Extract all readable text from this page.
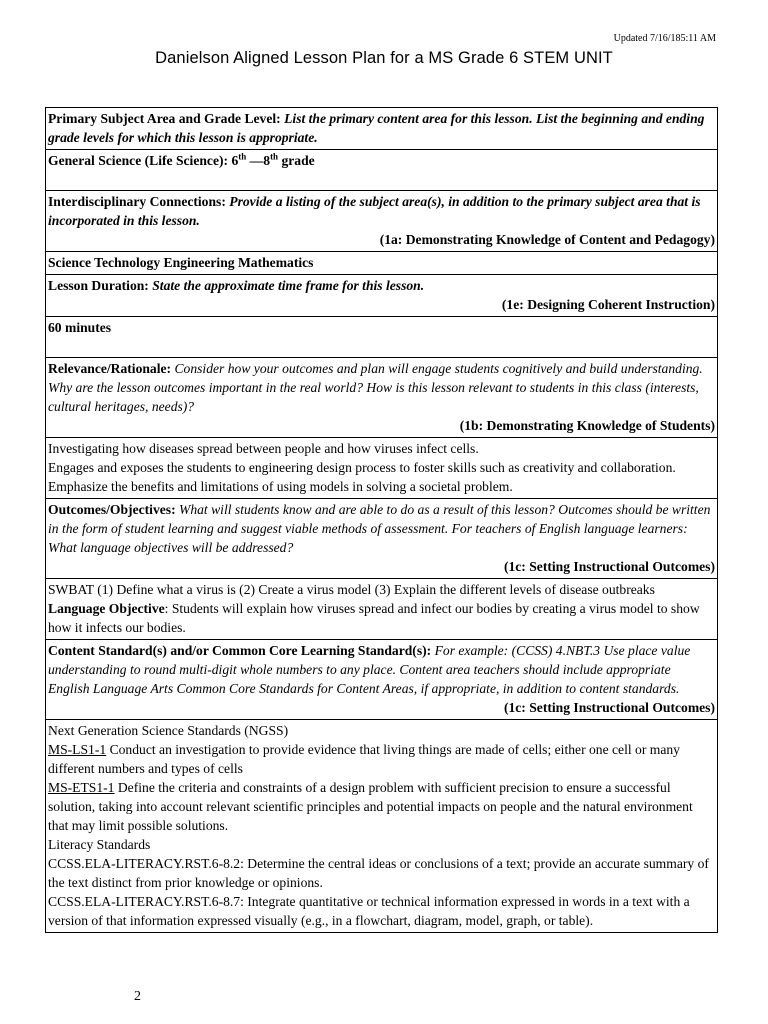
Updated 7/16/185:11 AM
Danielson Aligned Lesson Plan for a MS Grade 6 STEM UNIT

Primary Subject Area and Grade Level: List the primary content area for this lesson. List the beginning and ending grade levels for which this lesson is appropriate.

General Science (Life Science): 6th —8th grade

Interdisciplinary Connections: Provide a listing of the subject area(s), in addition to the primary subject area that is incorporated in this lesson.

(1a: Demonstrating Knowledge of Content and Pedagogy)

Science Technology Engineering Mathematics

Lesson Duration: State the approximate time frame for this lesson.

(1e: Designing Coherent Instruction)

60 minutes

Relevance/Rationale: Consider how your outcomes and plan will engage students cognitively and build understanding. Why are the lesson outcomes important in the real world? How is this lesson relevant to students in this class (interests, cultural heritages, needs)?

(1b: Demonstrating Knowledge of Students)

Investigating how diseases spread between people and how viruses infect cells.

Engages and exposes the students to engineering design process to foster skills such as creativity and collaboration.

Emphasize the benefits and limitations of using models in solving a societal problem.

Outcomes/Objectives: What will students know and are able to do as a result of this lesson? Outcomes should be written in the form of student learning and suggest viable methods of assessment. For teachers of English language learners: What language objectives will be addressed?

(1c: Setting Instructional Outcomes)

SWBAT (1) Define what a virus is (2) Create a virus model (3) Explain the different levels of disease outbreaks

Language Objective: Students will explain how viruses spread and infect our bodies by creating a virus model to show how it infects our bodies.

Content Standard(s) and/or Common Core Learning Standard(s): For example: (CCSS) 4.NBT.3 Use place value understanding to round multi-digit whole numbers to any place. Content area teachers should include appropriate English Language Arts Common Core Standards for Content Areas, if appropriate, in addition to content standards.

(1c: Setting Instructional Outcomes)

Next Generation Science Standards (NGSS)

MS-LS1-1 Conduct an investigation to provide evidence that living things are made of cells; either one cell or many different numbers and types of cells

MS-ETS1-1 Define the criteria and constraints of a design problem with sufficient precision to ensure a successful solution, taking into account relevant scientific principles and potential impacts on people and the natural environment that may limit possible solutions.

Literacy Standards

CCSS.ELA-LITERACY.RST.6-8.2: Determine the central ideas or conclusions of a text; provide an accurate summary of the text distinct from prior knowledge or opinions.

CCSS.ELA-LITERACY.RST.6-8.7: Integrate quantitative or technical information expressed in words in a text with a version of that information expressed visually (e.g., in a flowchart, diagram, model, graph, or table).

2
